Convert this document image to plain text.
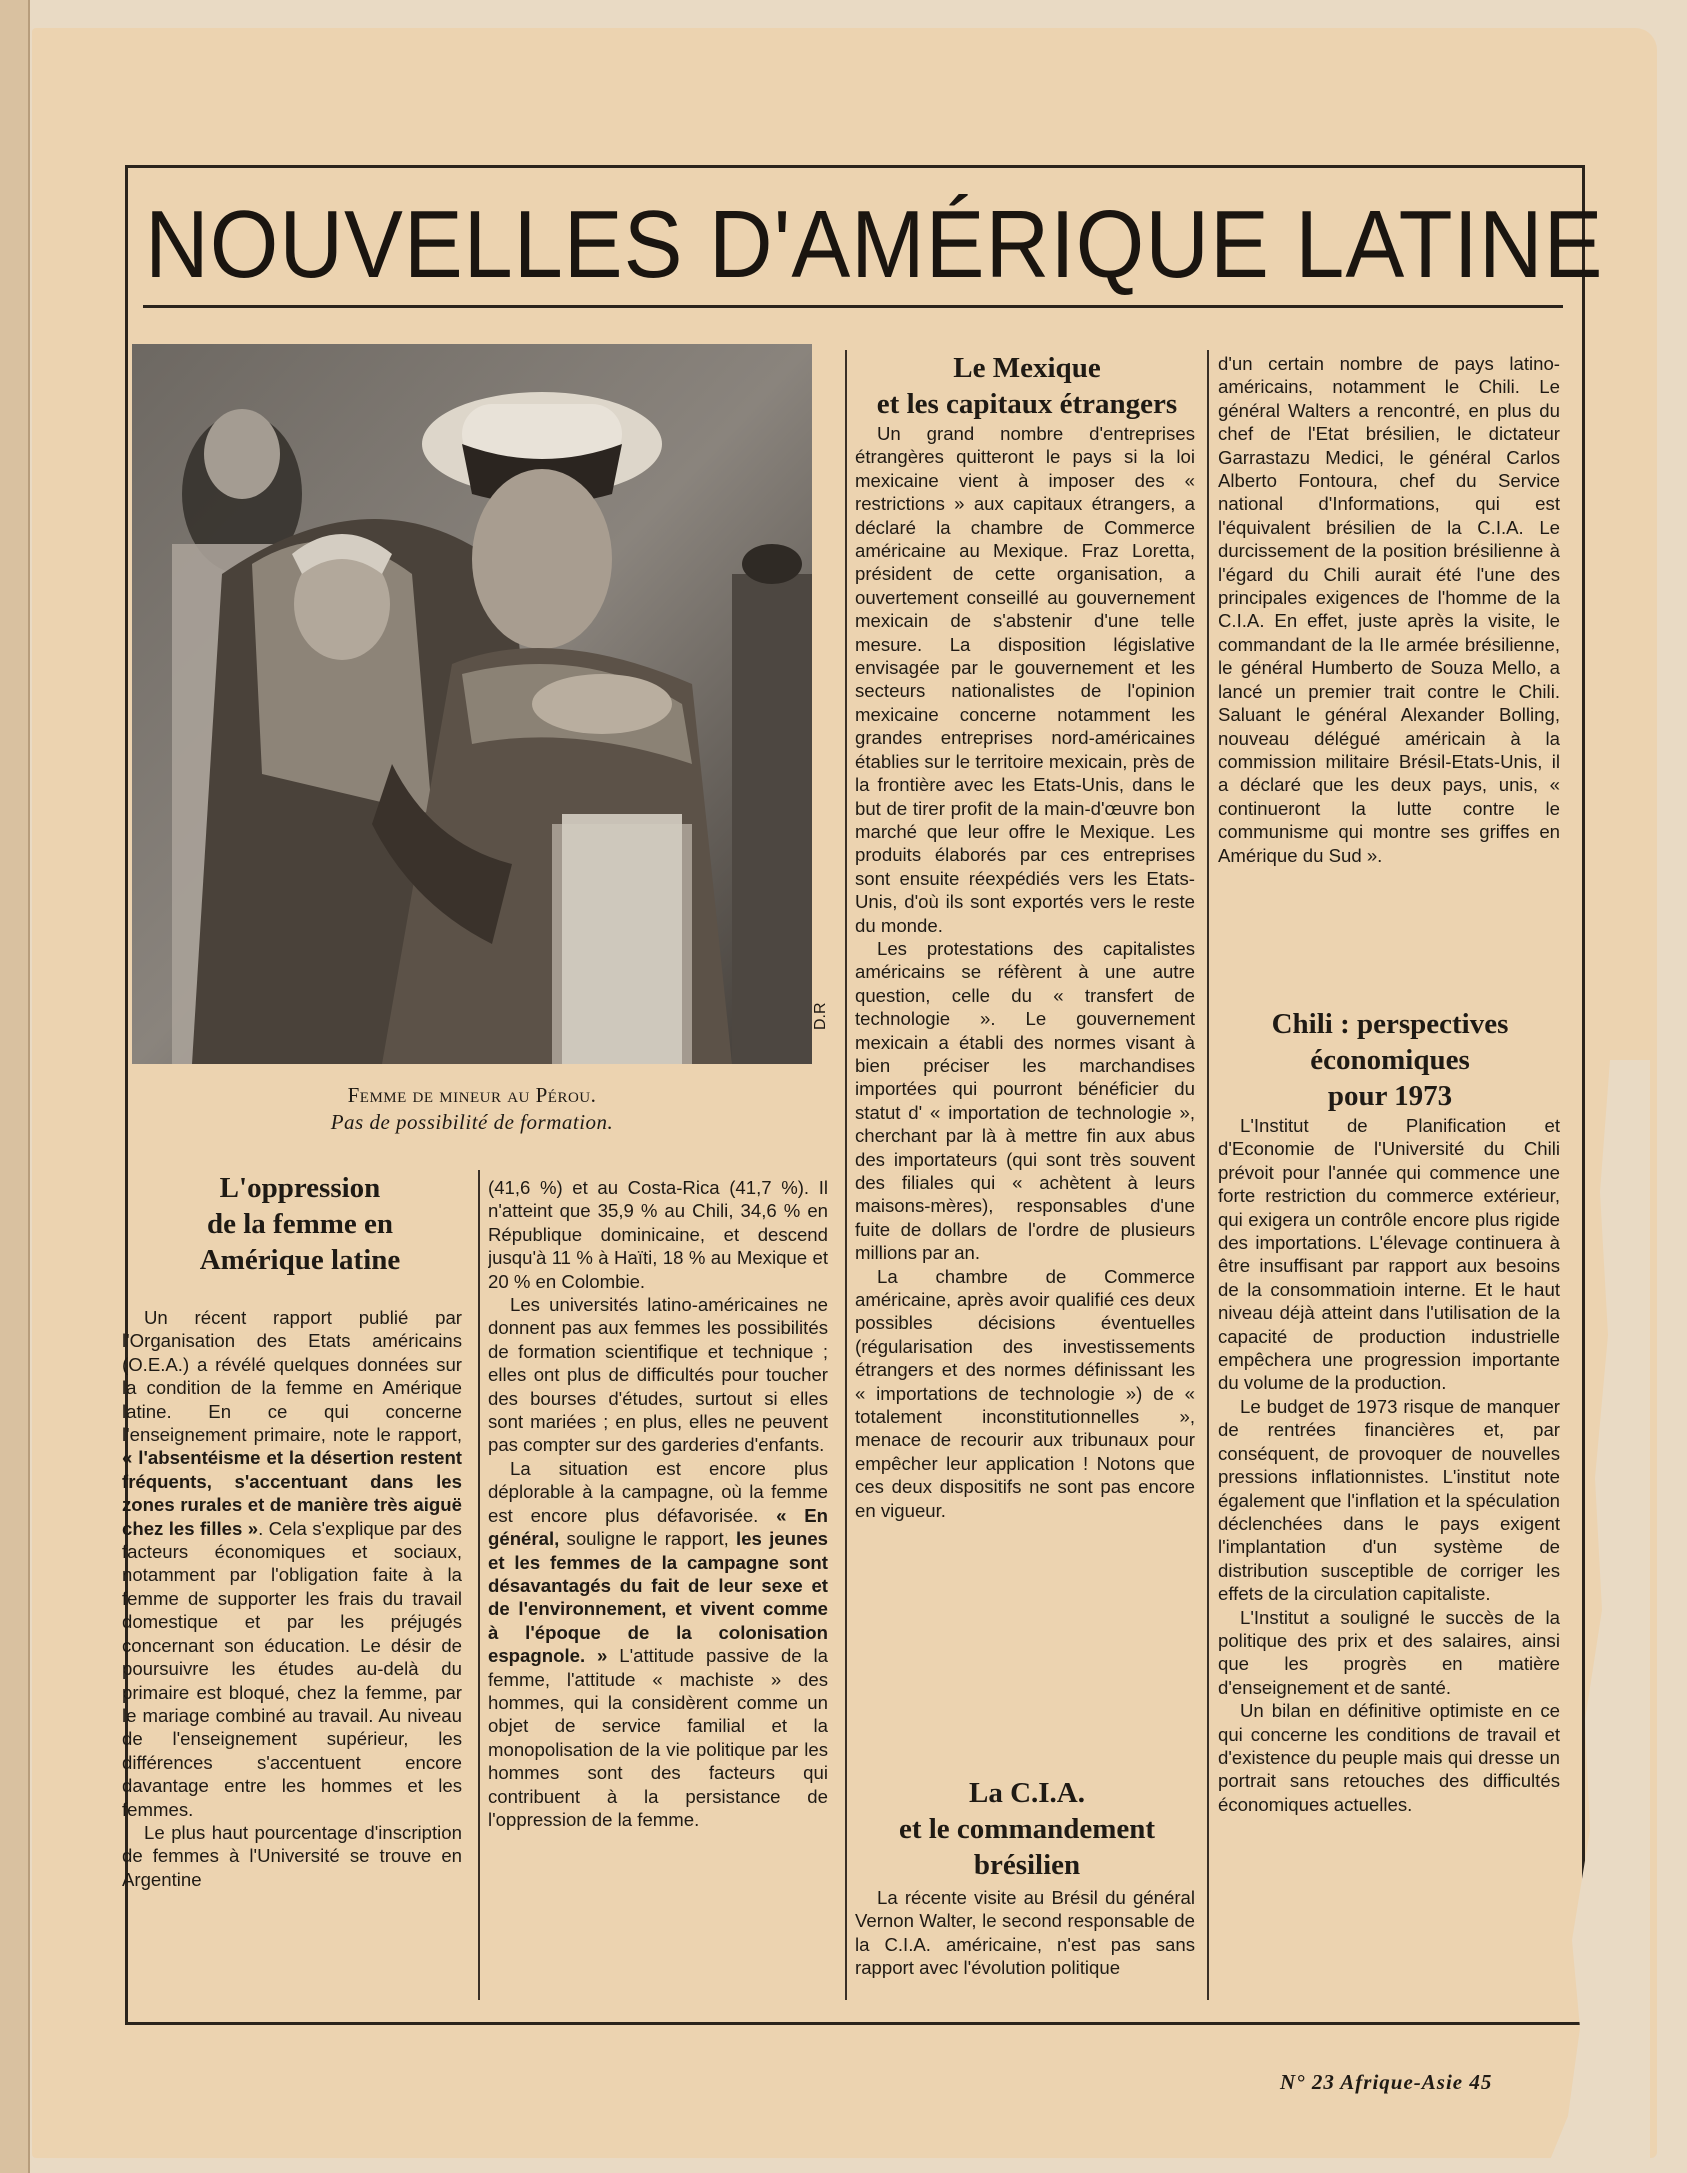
NOUVELLES D'AMÉRIQUE LATINE
D.R
Femme de mineur au Pérou.
Pas de possibilité de formation.
L'oppression
de la femme en
Amérique latine

Un récent rapport publié par l'Organisation des Etats américains (O.E.A.) a révélé quelques données sur la condition de la femme en Amérique latine. En ce qui concerne l'enseignement primaire, note le rapport, « l'absentéisme et la désertion restent fréquents, s'accentuant dans les zones rurales et de manière très aiguë chez les filles ». Cela s'explique par des facteurs économiques et sociaux, notamment par l'obligation faite à la femme de supporter les frais du travail domestique et par les préjugés concernant son éducation. Le désir de poursuivre les études au-delà du primaire est bloqué, chez la femme, par le mariage combiné au travail. Au niveau de l'enseignement supérieur, les différences s'accentuent encore davantage entre les hommes et les femmes.

Le plus haut pourcentage d'inscription de femmes à l'Université se trouve en Argentine

(41,6 %) et au Costa-Rica (41,7 %). Il n'atteint que 35,9 % au Chili, 34,6 % en République dominicaine, et descend jusqu'à 11 % à Haïti, 18 % au Mexique et 20 % en Colombie.

Les universités latino-américaines ne donnent pas aux femmes les possibilités de formation scientifique et technique ; elles ont plus de difficultés pour toucher des bourses d'études, surtout si elles sont mariées ; en plus, elles ne peuvent pas compter sur des garderies d'enfants.

La situation est encore plus déplorable à la campagne, où la femme est encore plus défavorisée. « En général, souligne le rapport, les jeunes et les femmes de la campagne sont désavantagés du fait de leur sexe et de l'environnement, et vivent comme à l'époque de la colonisation espagnole. » L'attitude passive de la femme, l'attitude « machiste » des hommes, qui la considèrent comme un objet de service familial et la monopolisation de la vie politique par les hommes sont des facteurs qui contribuent à la persistance de l'oppression de la femme.

Le Mexique
et les capitaux étrangers

Un grand nombre d'entreprises étrangères quitteront le pays si la loi mexicaine vient à imposer des « restrictions » aux capitaux étrangers, a déclaré la chambre de Commerce américaine au Mexique. Fraz Loretta, président de cette organisation, a ouvertement conseillé au gouvernement mexicain de s'abstenir d'une telle mesure. La disposition législative envisagée par le gouvernement et les secteurs nationalistes de l'opinion mexicaine concerne notamment les grandes entreprises nord-américaines établies sur le territoire mexicain, près de la frontière avec les Etats-Unis, dans le but de tirer profit de la main-d'œuvre bon marché que leur offre le Mexique. Les produits élaborés par ces entreprises sont ensuite réexpédiés vers les Etats-Unis, d'où ils sont exportés vers le reste du monde.

Les protestations des capitalistes américains se réfèrent à une autre question, celle du « transfert de technologie ». Le gouvernement mexicain a établi des normes visant à bien préciser les marchandises importées qui pourront bénéficier du statut d' « importation de technologie », cherchant par là à mettre fin aux abus des importateurs (qui sont très souvent des filiales qui « achètent à leurs maisons-mères), responsables d'une fuite de dollars de l'ordre de plusieurs millions par an.

La chambre de Commerce américaine, après avoir qualifié ces deux possibles décisions éventuelles (régularisation des investissements étrangers et des normes définissant les « importations de technologie ») de « totalement inconstitutionnelles », menace de recourir aux tribunaux pour empêcher leur application ! Notons que ces deux dispositifs ne sont pas encore en vigueur.

La C.I.A.
et le commandement
brésilien

La récente visite au Brésil du général Vernon Walter, le second responsable de la C.I.A. américaine, n'est pas sans rapport avec l'évolution politique

d'un certain nombre de pays latino-américains, notamment le Chili. Le général Walters a rencontré, en plus du chef de l'Etat brésilien, le dictateur Garrastazu Medici, le général Carlos Alberto Fontoura, chef du Service national d'Informations, qui est l'équivalent brésilien de la C.I.A. Le durcissement de la position brésilienne à l'égard du Chili aurait été l'une des principales exigences de l'homme de la C.I.A. En effet, juste après la visite, le commandant de la IIe armée brésilienne, le général Humberto de Souza Mello, a lancé un premier trait contre le Chili. Saluant le général Alexander Bolling, nouveau délégué américain à la commission militaire Brésil-Etats-Unis, il a déclaré que les deux pays, unis, « continueront la lutte contre le communisme qui montre ses griffes en Amérique du Sud ».

Chili : perspectives
économiques
pour 1973

L'Institut de Planification et d'Economie de l'Université du Chili prévoit pour l'année qui commence une forte restriction du commerce extérieur, qui exigera un contrôle encore plus rigide des importations. L'élevage continuera à être insuffisant par rapport aux besoins de la consommatioin interne. Et le haut niveau déjà atteint dans l'utilisation de la capacité de production industrielle empêchera une progression importante du volume de la production.

Le budget de 1973 risque de manquer de rentrées financières et, par conséquent, de provoquer de nouvelles pressions inflationnistes. L'institut note également que l'inflation et la spéculation déclenchées dans le pays exigent l'implantation d'un système de distribution susceptible de corriger les effets de la circulation capitaliste.

L'Institut a souligné le succès de la politique des prix et des salaires, ainsi que les progrès en matière d'enseignement et de santé.

Un bilan en définitive optimiste en ce qui concerne les conditions de travail et d'existence du peuple mais qui dresse un portrait sans retouches des difficultés économiques actuelles.

N° 23 Afrique-Asie 45
